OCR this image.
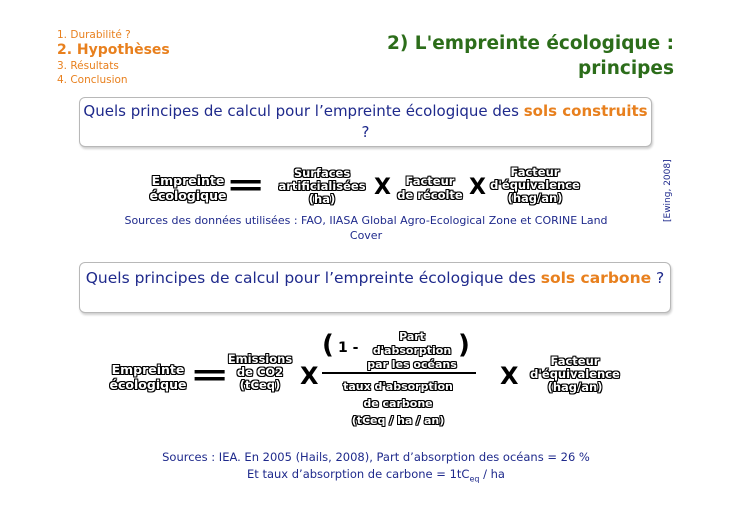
1. Durabilité ?
2. Hypothèses
3. Résultats
4. Conclusion
2) L'empreinte écologique :
principes
Quels principes de calcul pour l’empreinte écologique des sols construits ?
Empreinte
écologique =	Surfaces
artificialisées
(ha)	X	Facteur
de récolte X
Facteur
d'équivalence
(hag/an)
Sources des données utilisées : FAO, IIASA Global Agro-Ecological Zone et CORINE Land
Cover
[Ewing, 2008]
Quels principes de calcul pour l’empreinte écologique des sols carbone ?
Empreinte
écologique =
Emissions
de CO2
(tCeq) X
( 1 -
Part d'absorption
par les océans
)
taux d'absorption
de carbone
(tCeq / ha / an)
X
Facteur
d'équivalence
(hag/an)
Sources : IEA. En 2005 (Hails, 2008), Part d’absorption des océans = 26 %
Et taux d’absorption de carbone = $1tC_{eq}$ / ha
